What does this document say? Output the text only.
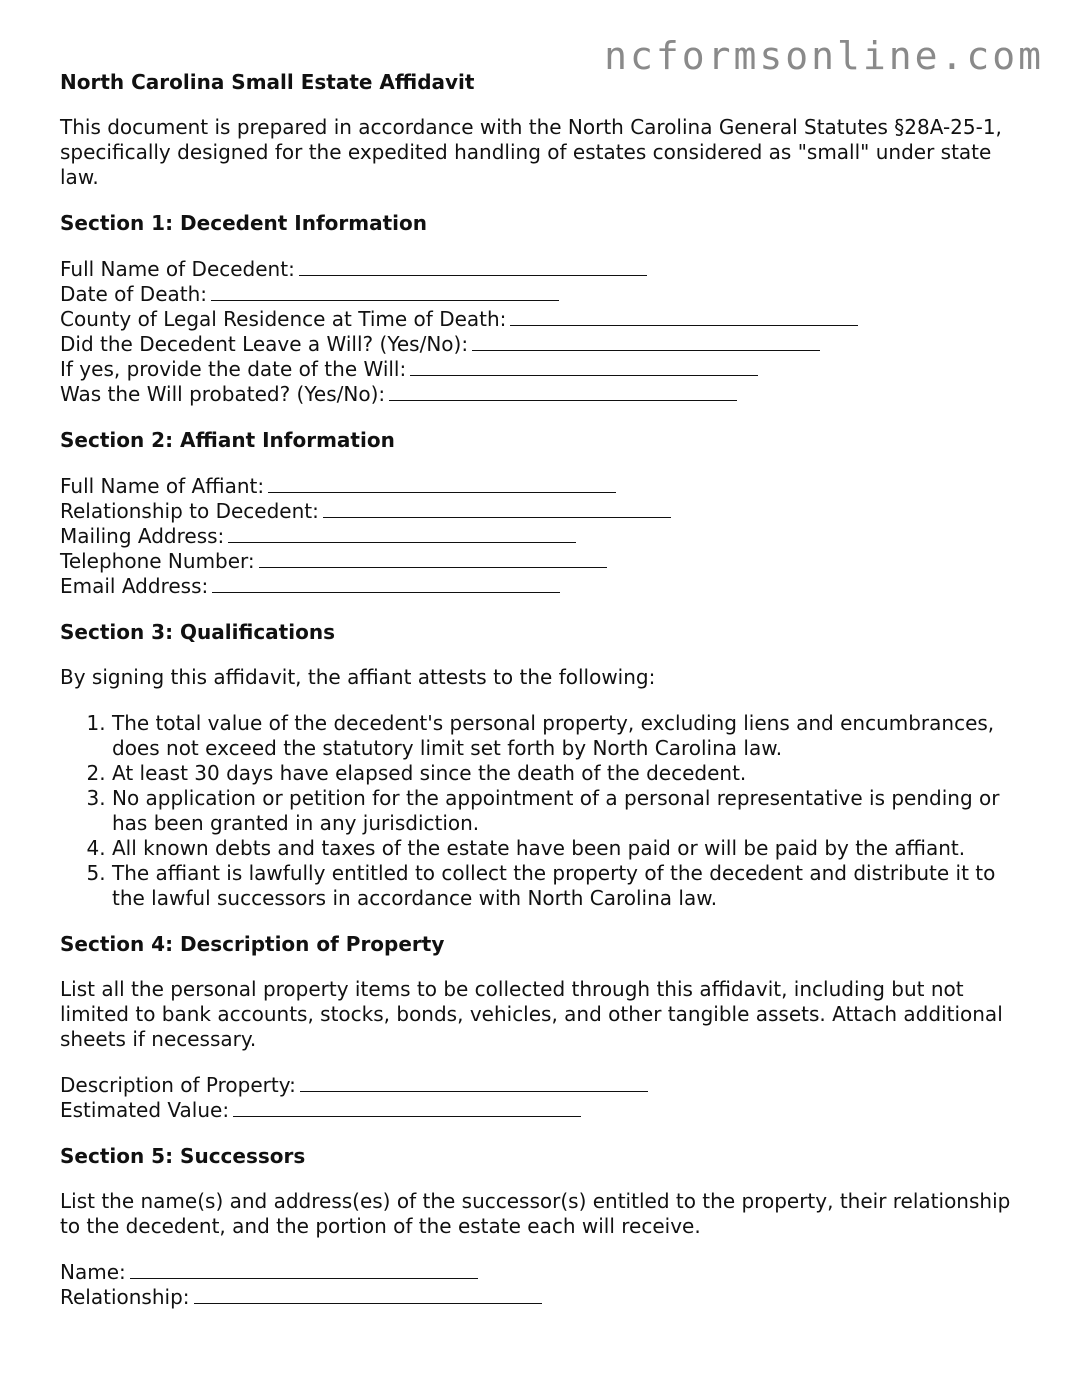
ncformsonline.com
North Carolina Small Estate Affidavit
This document is prepared in accordance with the North Carolina General Statutes §28A-25-1, specifically designed for the expedited handling of estates considered as "small" under state law.
Section 1: Decedent Information
Full Name of Decedent:
Date of Death:
County of Legal Residence at Time of Death:
Did the Decedent Leave a Will? (Yes/No):
If yes, provide the date of the Will:
Was the Will probated? (Yes/No):
Section 2: Affiant Information
Full Name of Affiant:
Relationship to Decedent:
Mailing Address:
Telephone Number:
Email Address:
Section 3: Qualifications
By signing this affidavit, the affiant attests to the following:
1. The total value of the decedent's personal property, excluding liens and encumbrances, does not exceed the statutory limit set forth by North Carolina law.
2. At least 30 days have elapsed since the death of the decedent.
3. No application or petition for the appointment of a personal representative is pending or has been granted in any jurisdiction.
4. All known debts and taxes of the estate have been paid or will be paid by the affiant.
5. The affiant is lawfully entitled to collect the property of the decedent and distribute it to the lawful successors in accordance with North Carolina law.
Section 4: Description of Property
List all the personal property items to be collected through this affidavit, including but not limited to bank accounts, stocks, bonds, vehicles, and other tangible assets. Attach additional sheets if necessary.
Description of Property:
Estimated Value:
Section 5: Successors
List the name(s) and address(es) of the successor(s) entitled to the property, their relationship to the decedent, and the portion of the estate each will receive.
Name:
Relationship:
